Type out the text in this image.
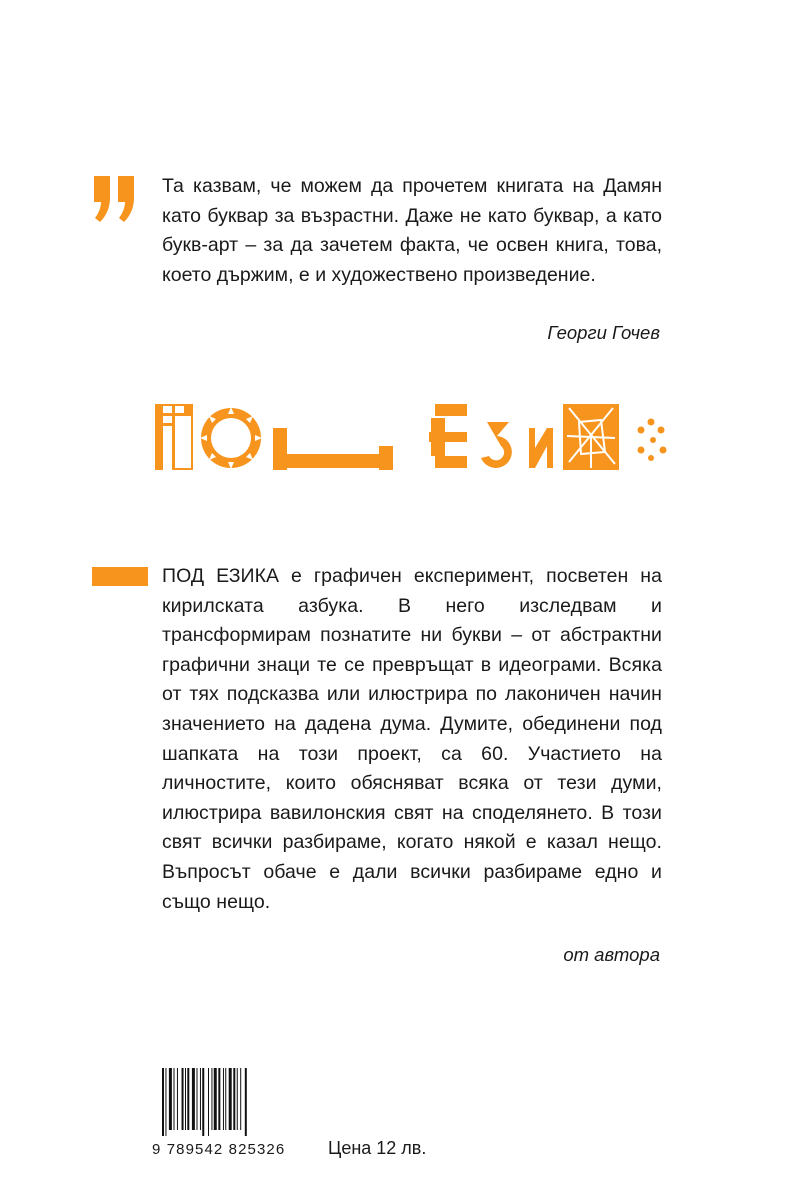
Та казвам, че можем да прочетем книгата на Дамян като буквар за възрастни. Даже не като буквар, а като букв-арт – за да зачетем факта, че освен книга, това, което държим, е и художествено произведение.

Георги Гочев

ПОД ЕЗИКА е графичен експеримент, посветен на кирилската азбука. В него изследвам и трансформирам познатите ни букви – от абстрактни графични знаци те се превръщат в идеограми. Всяка от тях подсказва или илюстрира по лаконичен начин значението на дадена дума. Думите, обединени под шапката на този проект, са 60. Участието на личностите, които обясняват всяка от тези думи, илюстрира вавилонския свят на споделянето. В този свят всички разбираме, когато някой е казал нещо. Въпросът обаче е дали всички разбираме едно и също нещо.

от автора
9 789542 825326	Цена 12 лв.
